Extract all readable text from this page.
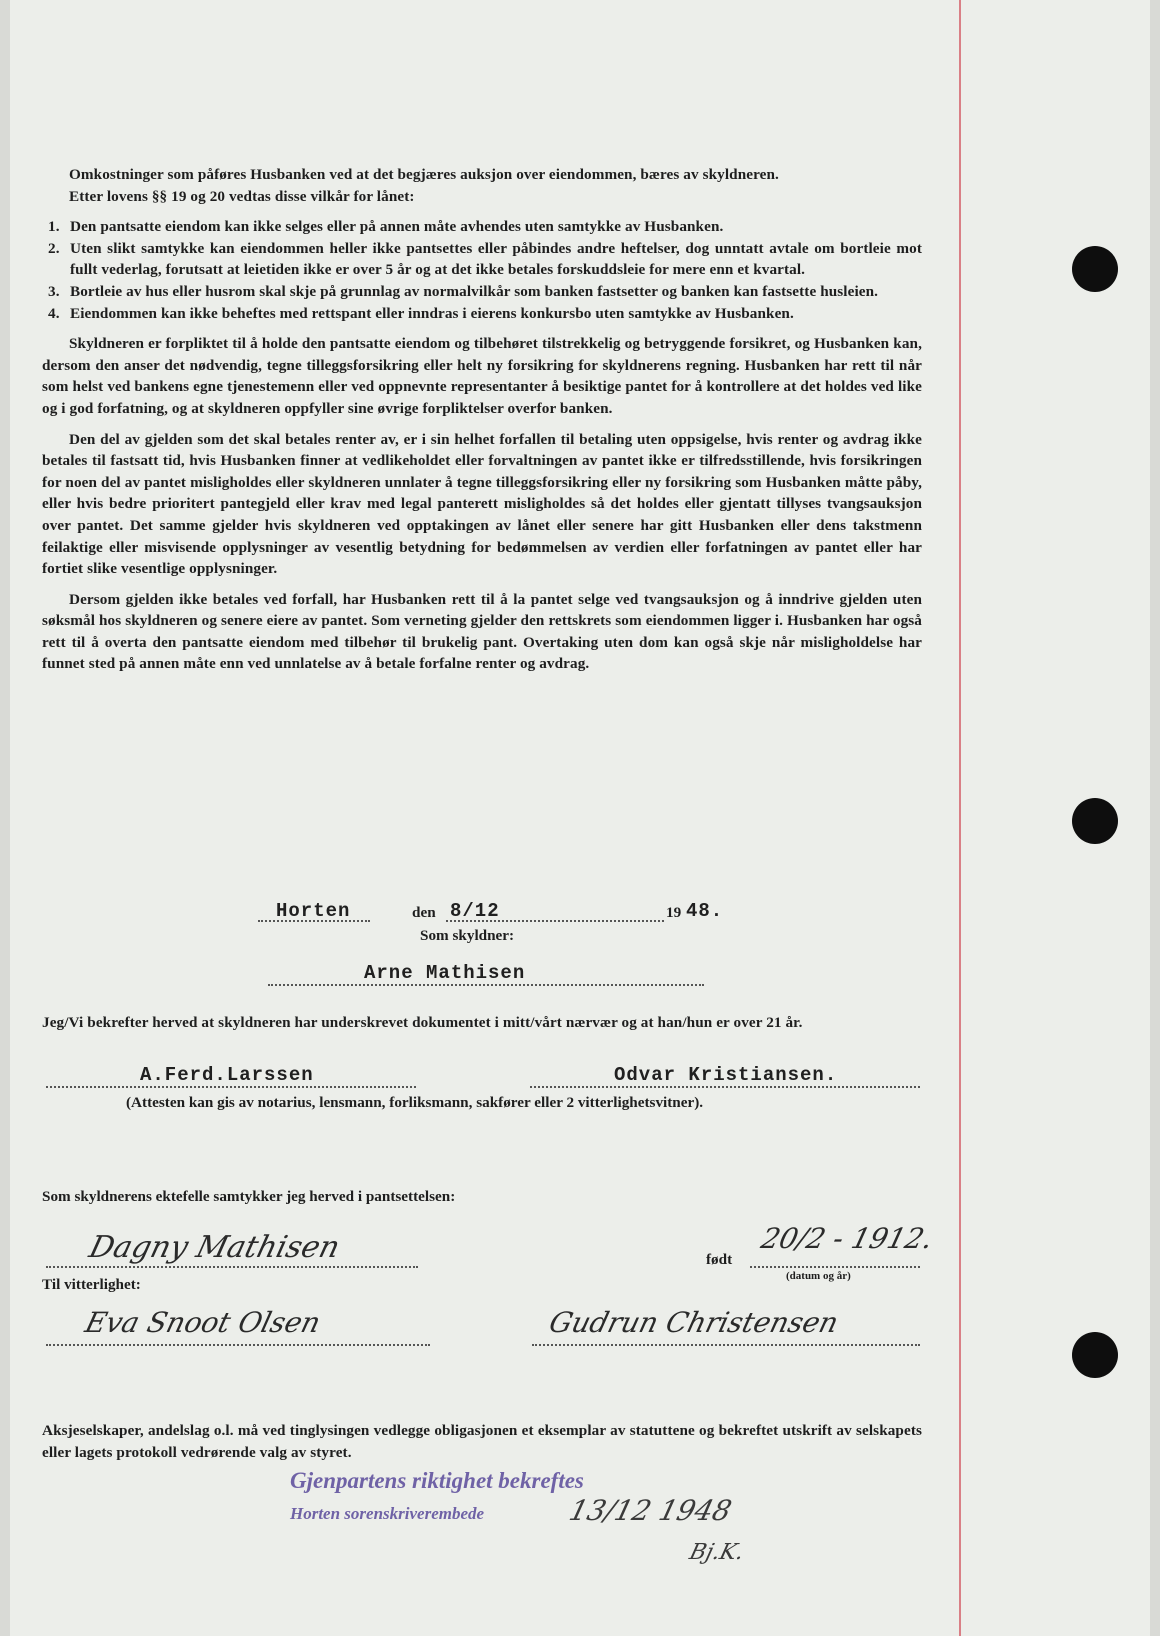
Omkostninger som påføres Husbanken ved at det begjæres auksjon over eiendommen, bæres av skyldneren.

Etter lovens §§ 19 og 20 vedtas disse vilkår for lånet:

1. Den pantsatte eiendom kan ikke selges eller på annen måte avhendes uten samtykke av Husbanken.
2. Uten slikt samtykke kan eiendommen heller ikke pantsettes eller påbindes andre heftelser, dog unntatt avtale om bortleie mot fullt vederlag, forutsatt at leietiden ikke er over 5 år og at det ikke betales forskuddsleie for mere enn et kvartal.
3. Bortleie av hus eller husrom skal skje på grunnlag av normalvilkår som banken fastsetter og banken kan fastsette husleien.
4. Eiendommen kan ikke beheftes med rettspant eller inndras i eierens konkursbo uten samtykke av Husbanken.

Skyldneren er forpliktet til å holde den pantsatte eiendom og tilbehøret tilstrekkelig og betryggende forsikret, og Husbanken kan, dersom den anser det nødvendig, tegne tilleggsforsikring eller helt ny forsikring for skyldnerens regning. Husbanken har rett til når som helst ved bankens egne tjenestemenn eller ved oppnevnte representanter å besiktige pantet for å kontrollere at det holdes ved like og i god forfatning, og at skyldneren oppfyller sine øvrige forpliktelser overfor banken.

Den del av gjelden som det skal betales renter av, er i sin helhet forfallen til betaling uten oppsigelse, hvis renter og avdrag ikke betales til fastsatt tid, hvis Husbanken finner at vedlikeholdet eller forvaltningen av pantet ikke er tilfredsstillende, hvis forsikringen for noen del av pantet misligholdes eller skyldneren unnlater å tegne tilleggsforsikring eller ny forsikring som Husbanken måtte påby, eller hvis bedre prioritert pantegjeld eller krav med legal panterett misligholdes så det holdes eller gjentatt tillyses tvangsauksjon over pantet. Det samme gjelder hvis skyldneren ved opptakingen av lånet eller senere har gitt Husbanken eller dens takstmenn feilaktige eller misvisende opplysninger av vesentlig betydning for bedømmelsen av verdien eller forfatningen av pantet eller har fortiet slike vesentlige opplysninger.

Dersom gjelden ikke betales ved forfall, har Husbanken rett til å la pantet selge ved tvangsauksjon og å inndrive gjelden uten søksmål hos skyldneren og senere eiere av pantet. Som verneting gjelder den rettskrets som eiendommen ligger i. Husbanken har også rett til å overta den pantsatte eiendom med tilbehør til brukelig pant. Overtaking uten dom kan også skje når misligholdelse har funnet sted på annen måte enn ved unnlatelse av å betale forfalne renter og avdrag.

Horten	den 8/12	19 48.
Som skyldner:
Arne Mathisen
Jeg/Vi bekrefter herved at skyldneren har underskrevet dokumentet i mitt/vårt nærvær og at han/hun er over 21 år.
A.Ferd.Larssen	Odvar Kristiansen.
(Attesten kan gis av notarius, lensmann, forliksmann, sakfører eller 2 vitterlighetsvitner).
Som skyldnerens ektefelle samtykker jeg herved i pantsettelsen:
Dagny Mathisen	født
20/2 - 1912.
(datum og år)
Til vitterlighet:
Eva Snoot Olsen	Gudrun Christensen
Aksjeselskaper, andelslag o.l. må ved tinglysingen vedlegge obligasjonen et eksemplar av statuttene og bekreftet utskrift av selskapets eller lagets protokoll vedrørende valg av styret.
Gjenpartens riktighet bekreftes
Horten sorenskriverembede	13/12 1948
Bj.K.
